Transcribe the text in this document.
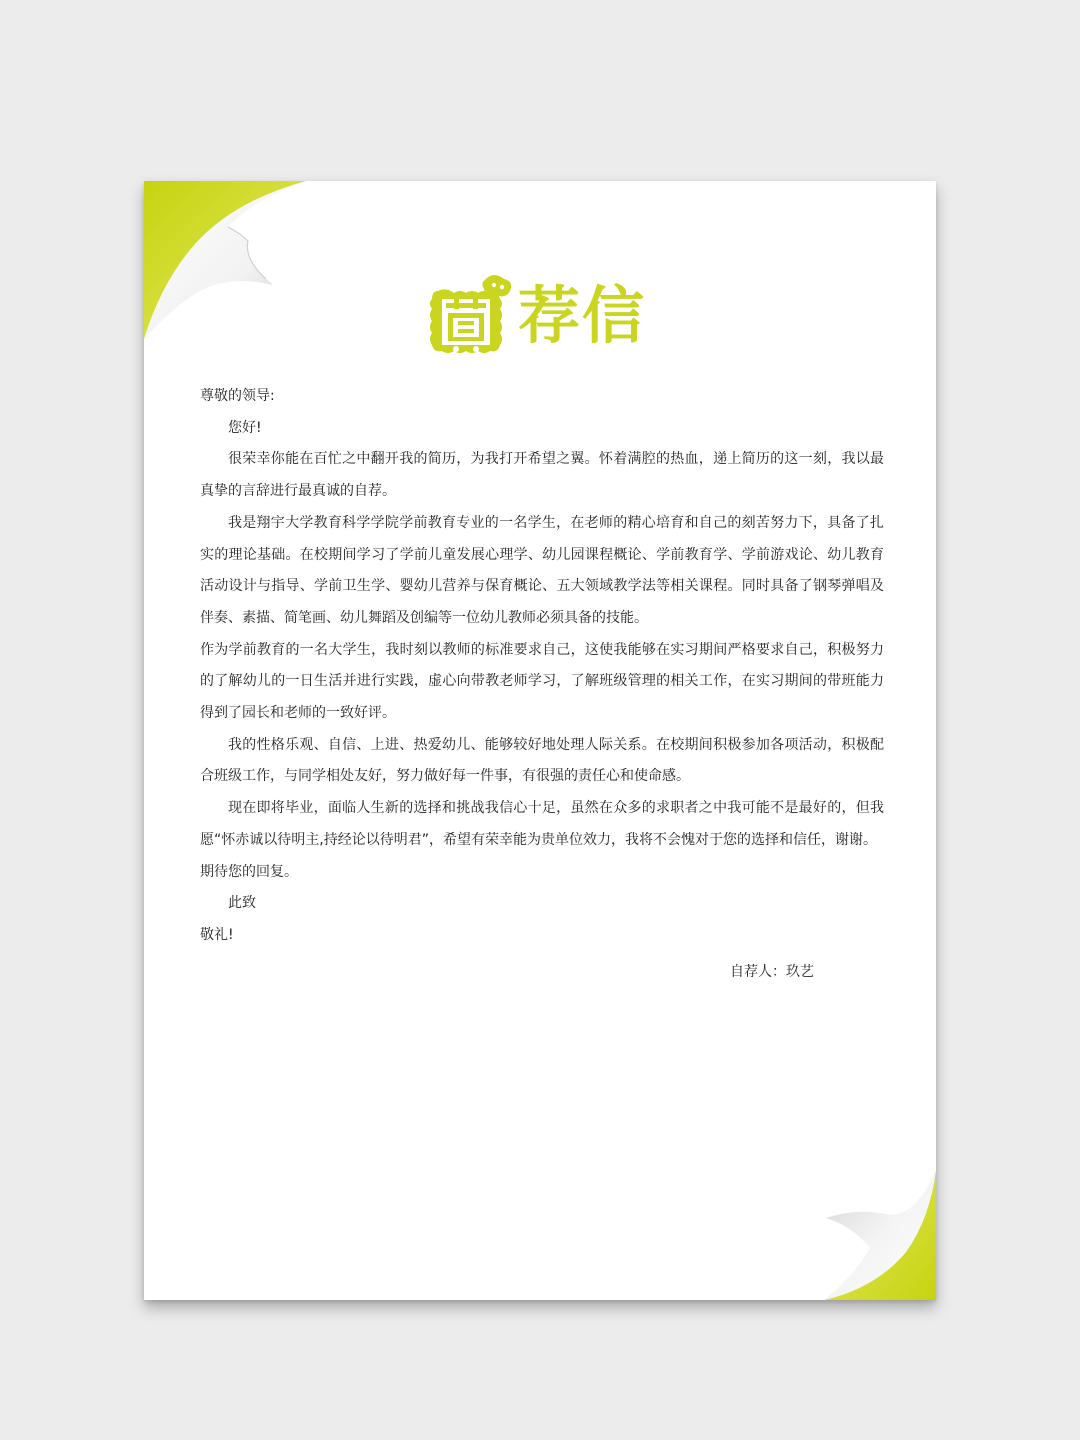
荐信

尊敬的领导:

您好!

很荣幸你能在百忙之中翻开我的简历，为我打开希望之翼。怀着满腔的热血，递上简历的这一刻，我以最真挚的言辞进行最真诚的自荐。

我是翔宇大学教育科学学院学前教育专业的一名学生，在老师的精心培育和自己的刻苦努力下，具备了扎实的理论基础。在校期间学习了学前儿童发展心理学、幼儿园课程概论、学前教育学、学前游戏论、幼儿教育活动设计与指导、学前卫生学、婴幼儿营养与保育概论、五大领域教学法等相关课程。同时具备了钢琴弹唱及伴奏、素描、简笔画、幼儿舞蹈及创编等一位幼儿教师必须具备的技能。

作为学前教育的一名大学生，我时刻以教师的标准要求自己，这使我能够在实习期间严格要求自己，积极努力的了解幼儿的一日生活并进行实践，虚心向带教老师学习，了解班级管理的相关工作，在实习期间的带班能力得到了园长和老师的一致好评。

我的性格乐观、自信、上进、热爱幼儿、能够较好地处理人际关系。在校期间积极参加各项活动，积极配合班级工作，与同学相处友好，努力做好每一件事，有很强的责任心和使命感。

现在即将毕业，面临人生新的选择和挑战我信心十足，虽然在众多的求职者之中我可能不是最好的，但我愿“怀赤诚以待明主,持经论以待明君”，希望有荣幸能为贵单位效力，我将不会愧对于您的选择和信任，谢谢。

期待您的回复。

此致

敬礼!

自荐人：玖艺
